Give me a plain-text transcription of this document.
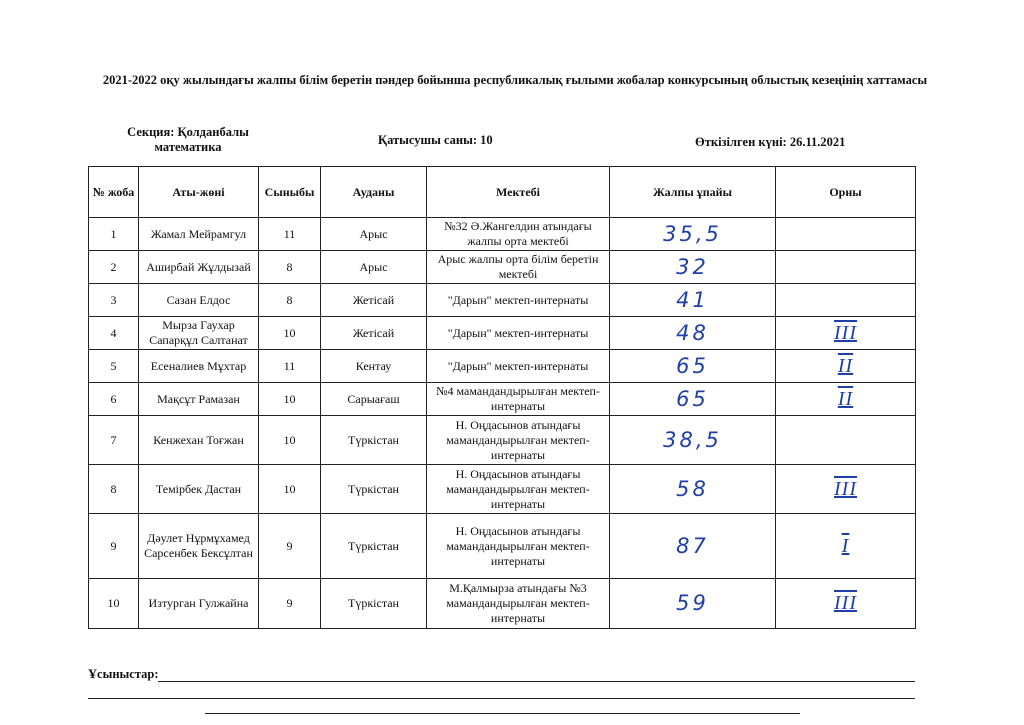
2021-2022 оқу жылындағы жалпы білім беретін пәндер бойынша республикалық ғылыми жобалар конкурсының облыстық кезеңінің хаттамасы
Секция: Қолданбалы математика	Қатысушы саны: 10	Өткізілген күні: 26.11.2021
№ жоба	Аты-жөні	Сыныбы	Ауданы	Мектебі	Жалпы ұпайы	Орны
1	Жамал Мейрамгул	11	Арыс	№32 Ә.Жангелдин атындағы жалпы орта мектебі	35,5	
2	Аширбай Жұлдызай	8	Арыс	Арыс жалпы орта білім беретін мектебі	32	
3	Сазан Елдос	8	Жетісай	"Дарын" мектеп-интернаты	41	
4	Мырза Гаухар Сапарқұл Салтанат	10	Жетісай	"Дарын" мектеп-интернаты	48	III
5	Есеналиев Мұхтар	11	Кентау	"Дарын" мектеп-интернаты	65	II
6	Мақсұт Рамазан	10	Сарыағаш	№4 мамандандырылған мектеп-интернаты	65	II
7	Кенжехан Тоғжан	10	Түркістан	Н. Оңдасынов атындағы мамандандырылған мектеп-интернаты	38,5	
8	Темірбек Дастан	10	Түркістан	Н. Оңдасынов атындағы мамандандырылған мектеп-интернаты	58	III
9	Дәулет Нұрмұхамед Сарсенбек Бексұлтан	9	Түркістан	Н. Оңдасынов атындағы мамандандырылған мектеп-интернаты	87	I
10	Изтурган Гулжайна	9	Түркістан	М.Қалмырза атындағы №3 мамандандырылған мектеп-интернаты	59	III
Ұсыныстар:
